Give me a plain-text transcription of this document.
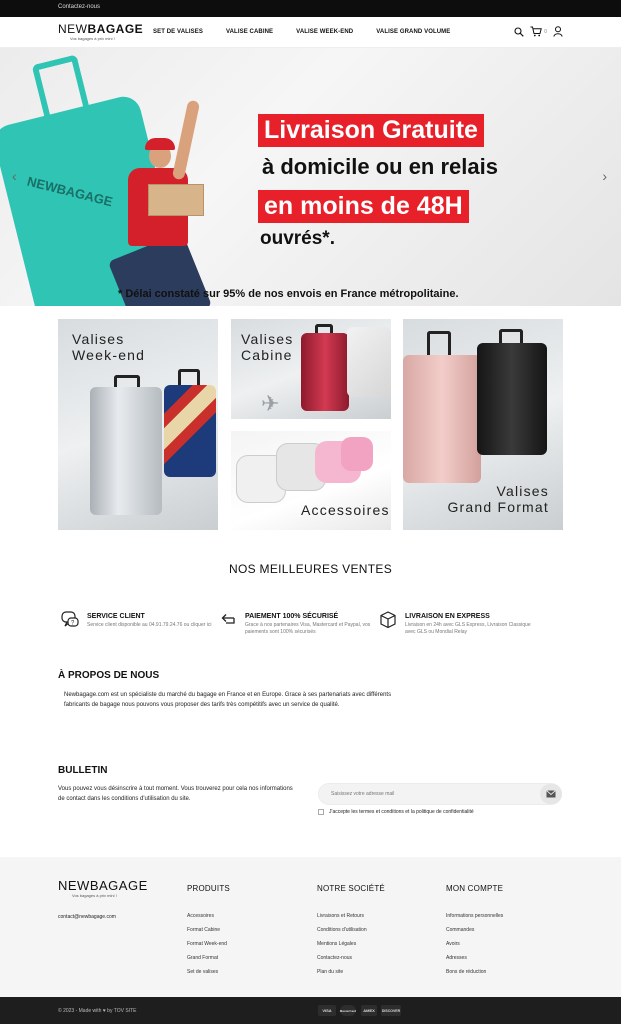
Contactez-nous
NEWBAGAGE
Vos bagages à prix mini !
SET DE VALISES	VALISE CABINE	VALISE WEEK-END	VALISE GRAND VOLUME	0
NEWBAGAGE
Livraison Gratuite
à domicile ou en relais
en moins de 48H
ouvrés*.
* Délai constaté sur 95% de nos envois en France métropolitaine.
‹	›
Valises
Week-end
Valises
Cabine
✈
Accessoires
Valises
Grand Format
NOS MEILLEURES VENTES
?
SERVICE CLIENT
Service client disponible au 04.91.79.24.76 ou cliquer ici
PAIEMENT 100% SÉCURISÉ
Grace à nos partenaires Visa, Mastercard et Paypal, vos paiements sont 100% sécurisés
LIVRAISON EN EXPRESS
Livraison en 24h avec GLS Express, Livraison Classique avec GLS ou Mondial Relay
À PROPOS DE NOUS

Newbagage.com est un spécialiste du marché du bagage en France et en Europe. Grace à ses partenariats avec différents fabricants de bagage nous pouvons vous proposer des tarifs très compétitifs avec un service de qualité.

BULLETIN

Vous pouvez vous désinscrire à tout moment. Vous trouverez pour cela nos informations de contact dans les conditions d'utilisation du site.

Saisissez votre adresse mail
J'accepte les termes et conditions et la politique de confidentialité
NEWBAGAGE
Vos bagages à prix mini !
contact@newbagage.com
PRODUITS
Accessoires
Format Cabine
Format Week-end
Grand Format
Set de valises
NOTRE SOCIÉTÉ
Livraisons et Retours
Conditions d'utilisation
Mentions Légales
Contactez-nous
Plan du site
MON COMPTE
Informations personnelles
Commandes
Avoirs
Adresses
Bons de réduction
© 2023 - Made with ♥ by TOV SITE	VISA	MasterCard	AMEX	DISCOVER
